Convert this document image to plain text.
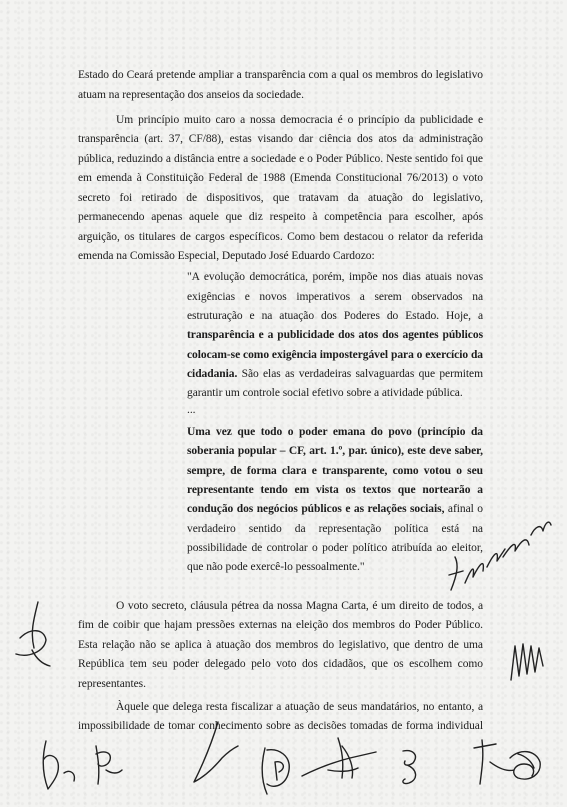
Estado do Ceará pretende ampliar a transparência com a qual os membros do legislativo
atuam na representação dos anseios da sociedade.
Um princípio muito caro a nossa democracia é o princípio da publicidade e
transparência (art. 37, CF/88), estas visando dar ciência dos atos da administração
pública, reduzindo a distância entre a sociedade e o Poder Público. Neste sentido foi que
em emenda à Constituição Federal de 1988 (Emenda Constitucional 76/2013) o voto
secreto foi retirado de dispositivos, que tratavam da atuação do legislativo,
permanecendo apenas aquele que diz respeito à competência para escolher, após
arguição, os titulares de cargos específicos. Como bem destacou o relator da referida
emenda na Comissão Especial, Deputado José Eduardo Cardozo:
"A evolução democrática, porém, impõe nos dias atuais novas
exigências e novos imperativos a serem observados na
estruturação e na atuação dos Poderes do Estado. Hoje, a
transparência e a publicidade dos atos dos agentes públicos
colocam-se como exigência impostergável para o exercício da
cidadania. São elas as verdadeiras salvaguardas que permitem
garantir um controle social efetivo sobre a atividade pública.
...
Uma vez que todo o poder emana do povo (princípio da
soberania popular – CF, art. 1.º, par. único), este deve saber,
sempre, de forma clara e transparente, como votou o seu
representante tendo em vista os textos que nortearão a
condução dos negócios públicos e as relações sociais, afinal o
verdadeiro sentido da representação política está na
possibilidade de controlar o poder político atribuída ao eleitor,
que não pode exercê-lo pessoalmente."
O voto secreto, cláusula pétrea da nossa Magna Carta, é um direito de todos, a
fim de coibir que hajam pressões externas na eleição dos membros do Poder Público.
Esta relação não se aplica à atuação dos membros do legislativo, que dentro de uma
República tem seu poder delegado pelo voto dos cidadãos, que os escolhem como
representantes.
Àquele que delega resta fiscalizar a atuação de seus mandatários, no entanto, a
impossibilidade de tomar conhecimento sobre as decisões tomadas de forma individual
